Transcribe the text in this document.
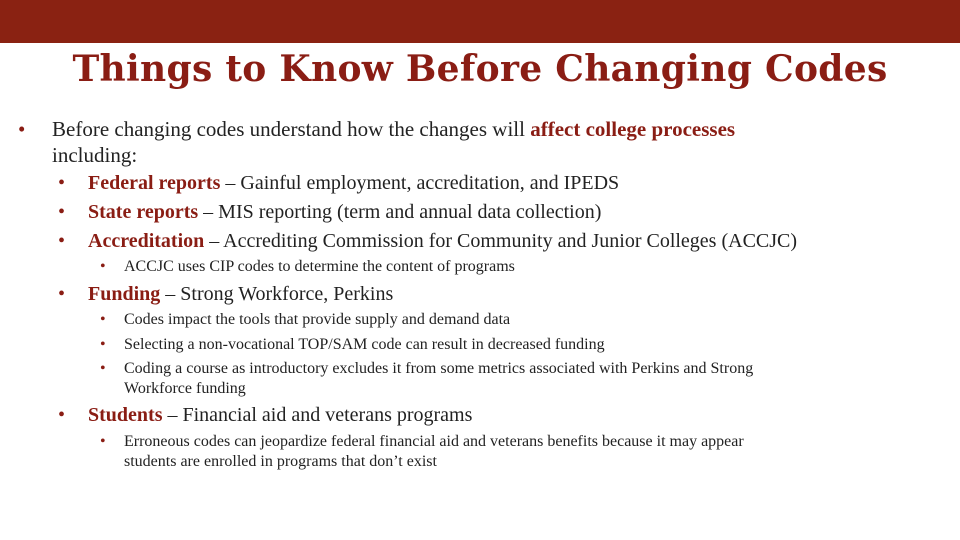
Things to Know Before Changing Codes
• Before changing codes understand how the changes will affect college processes
including:
• Federal reports – Gainful employment, accreditation, and IPEDS
• State reports – MIS reporting (term and annual data collection)
• Accreditation – Accrediting Commission for Community and Junior Colleges (ACCJC)
• ACCJC uses CIP codes to determine the content of programs
• Funding – Strong Workforce, Perkins
• Codes impact the tools that provide supply and demand data
• Selecting a non-vocational TOP/SAM code can result in decreased funding
• Coding a course as introductory excludes it from some metrics associated with Perkins and Strong
Workforce funding
• Students – Financial aid and veterans programs
• Erroneous codes can jeopardize federal financial aid and veterans benefits because it may appear
students are enrolled in programs that don’t exist
